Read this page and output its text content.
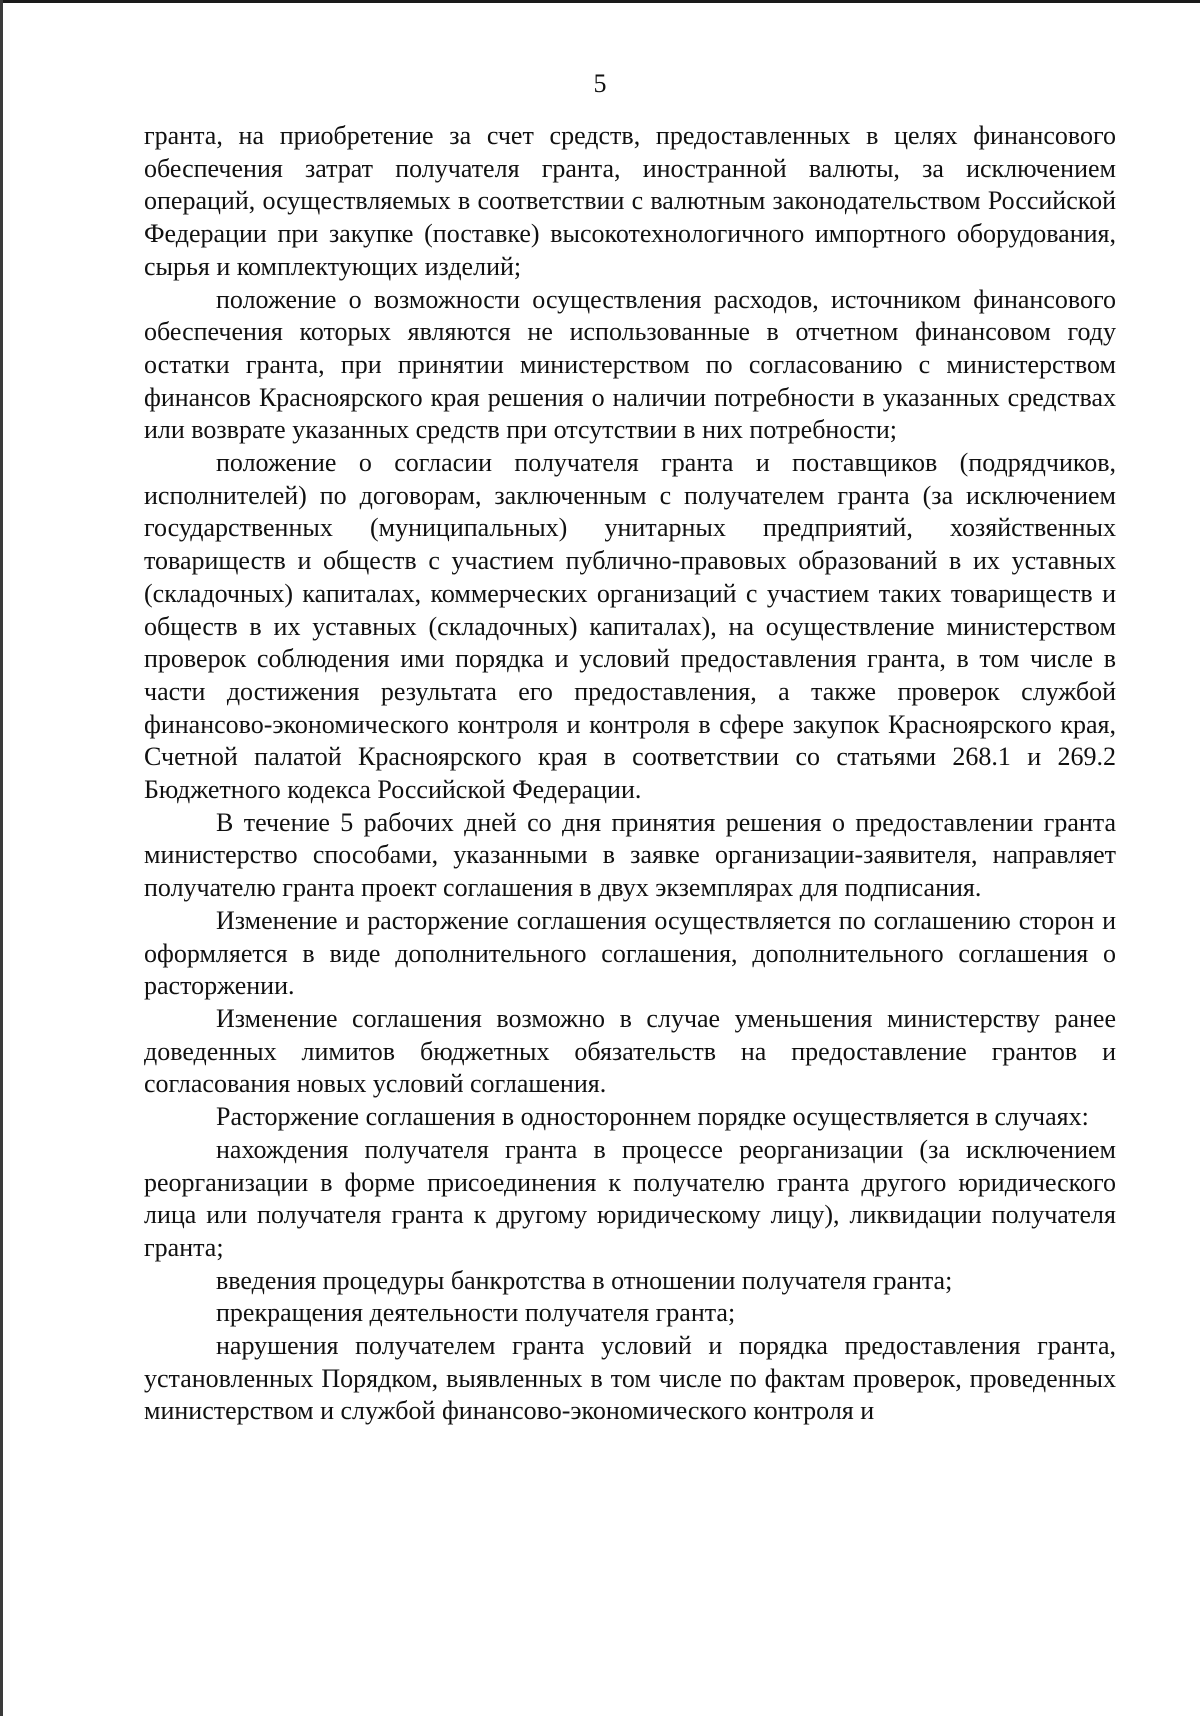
5

гранта, на приобретение за счет средств, предоставленных в целях финансового обеспечения затрат получателя гранта, иностранной валюты, за исключением операций, осуществляемых в соответствии с валютным законодательством Российской Федерации при закупке (поставке) высокотехнологичного импортного оборудования, сырья и комплектующих изделий;

положение о возможности осуществления расходов, источником финансового обеспечения которых являются не использованные в отчетном финансовом году остатки гранта, при принятии министерством по согласованию с министерством финансов Красноярского края решения о наличии потребности в указанных средствах или возврате указанных средств при отсутствии в них потребности;

положение о согласии получателя гранта и поставщиков (подрядчиков, исполнителей) по договорам, заключенным с получателем гранта (за исключением государственных (муниципальных) унитарных предприятий, хозяйственных товариществ и обществ с участием публично-правовых образований в их уставных (складочных) капиталах, коммерческих организаций с участием таких товариществ и обществ в их уставных (складочных) капиталах), на осуществление министерством проверок соблюдения ими порядка и условий предоставления гранта, в том числе в части достижения результата его предоставления, а также проверок службой финансово-экономического контроля и контроля в сфере закупок Красноярского края, Счетной палатой Красноярского края в соответствии со статьями 268.1 и 269.2 Бюджетного кодекса Российской Федерации.

В течение 5 рабочих дней со дня принятия решения о предоставлении гранта министерство способами, указанными в заявке организации-заявителя, направляет получателю гранта проект соглашения в двух экземплярах для подписания.

Изменение и расторжение соглашения осуществляется по соглашению сторон и оформляется в виде дополнительного соглашения, дополнительного соглашения о расторжении.

Изменение соглашения возможно в случае уменьшения министерству ранее доведенных лимитов бюджетных обязательств на предоставление грантов и согласования новых условий соглашения.

Расторжение соглашения в одностороннем порядке осуществляется в случаях:

нахождения получателя гранта в процессе реорганизации (за исключением реорганизации в форме присоединения к получателю гранта другого юридического лица или получателя гранта к другому юридическому лицу), ликвидации получателя гранта;

введения процедуры банкротства в отношении получателя гранта;

прекращения деятельности получателя гранта;

нарушения получателем гранта условий и порядка предоставления гранта, установленных Порядком, выявленных в том числе по фактам проверок, проведенных министерством и службой финансово-экономического контроля и
